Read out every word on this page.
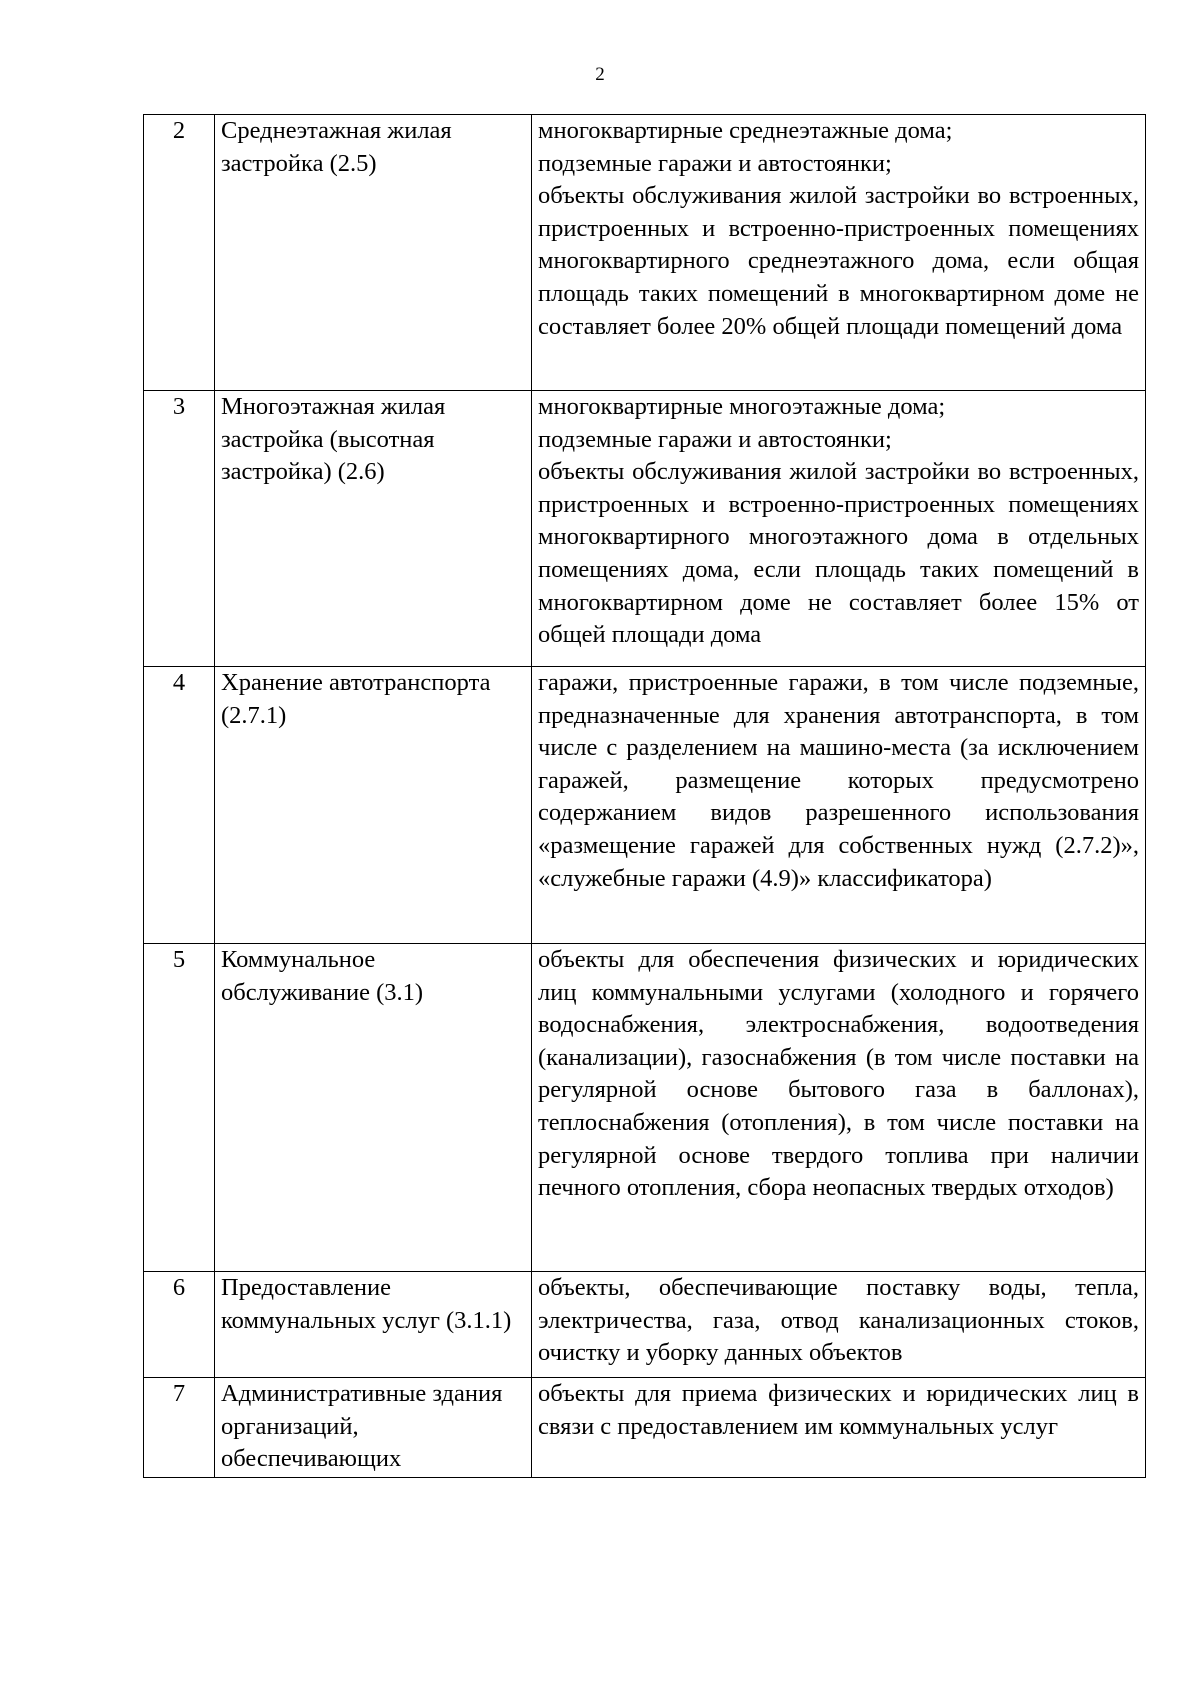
2
2	Среднеэтажная жилая застройка (2.5)	многоквартирные среднеэтажные дома;
подземные гаражи и автостоянки;
объекты обслуживания жилой застройки во встроенных, пристроенных и встроенно-пристроенных помещениях многоквартирного среднеэтажного дома, если общая площадь таких помещений в многоквартирном доме не составляет более 20% общей площади помещений дома

3	Многоэтажная жилая застройка (высотная застройка) (2.6)	многоквартирные многоэтажные дома;
подземные гаражи и автостоянки;
объекты обслуживания жилой застройки во встроенных, пристроенных и встроенно-пристроенных помещениях многоквартирного многоэтажного дома в отдельных помещениях дома, если площадь таких помещений в многоквартирном доме не составляет более 15% от общей площади дома

4	Хранение автотранспорта (2.7.1)	гаражи, пристроенные гаражи, в том числе подземные, предназначенные для хранения автотранспорта, в том числе с разделением на машино-места (за исключением гаражей, размещение которых предусмотрено содержанием видов разрешенного использования «размещение гаражей для собственных нужд (2.7.2)», «служебные гаражи (4.9)» классификатора)

5	Коммунальное обслуживание (3.1)	объекты для обеспечения физических и юридических лиц коммунальными услугами (холодного и горячего водоснабжения, электроснабжения, водоотведения (канализации), газоснабжения (в том числе поставки на регулярной основе бытового газа в баллонах), теплоснабжения (отопления), в том числе поставки на регулярной основе твердого топлива при наличии печного отопления, сбора неопасных твердых отходов)

6	Предоставление коммунальных услуг (3.1.1)	объекты, обеспечивающие поставку воды, тепла, электричества, газа, отвод канализационных стоков, очистку и уборку данных объектов

7	Административные здания организаций, обеспечивающих	объекты для приема физических и юридических лиц в связи с предоставлением им коммунальных услуг
